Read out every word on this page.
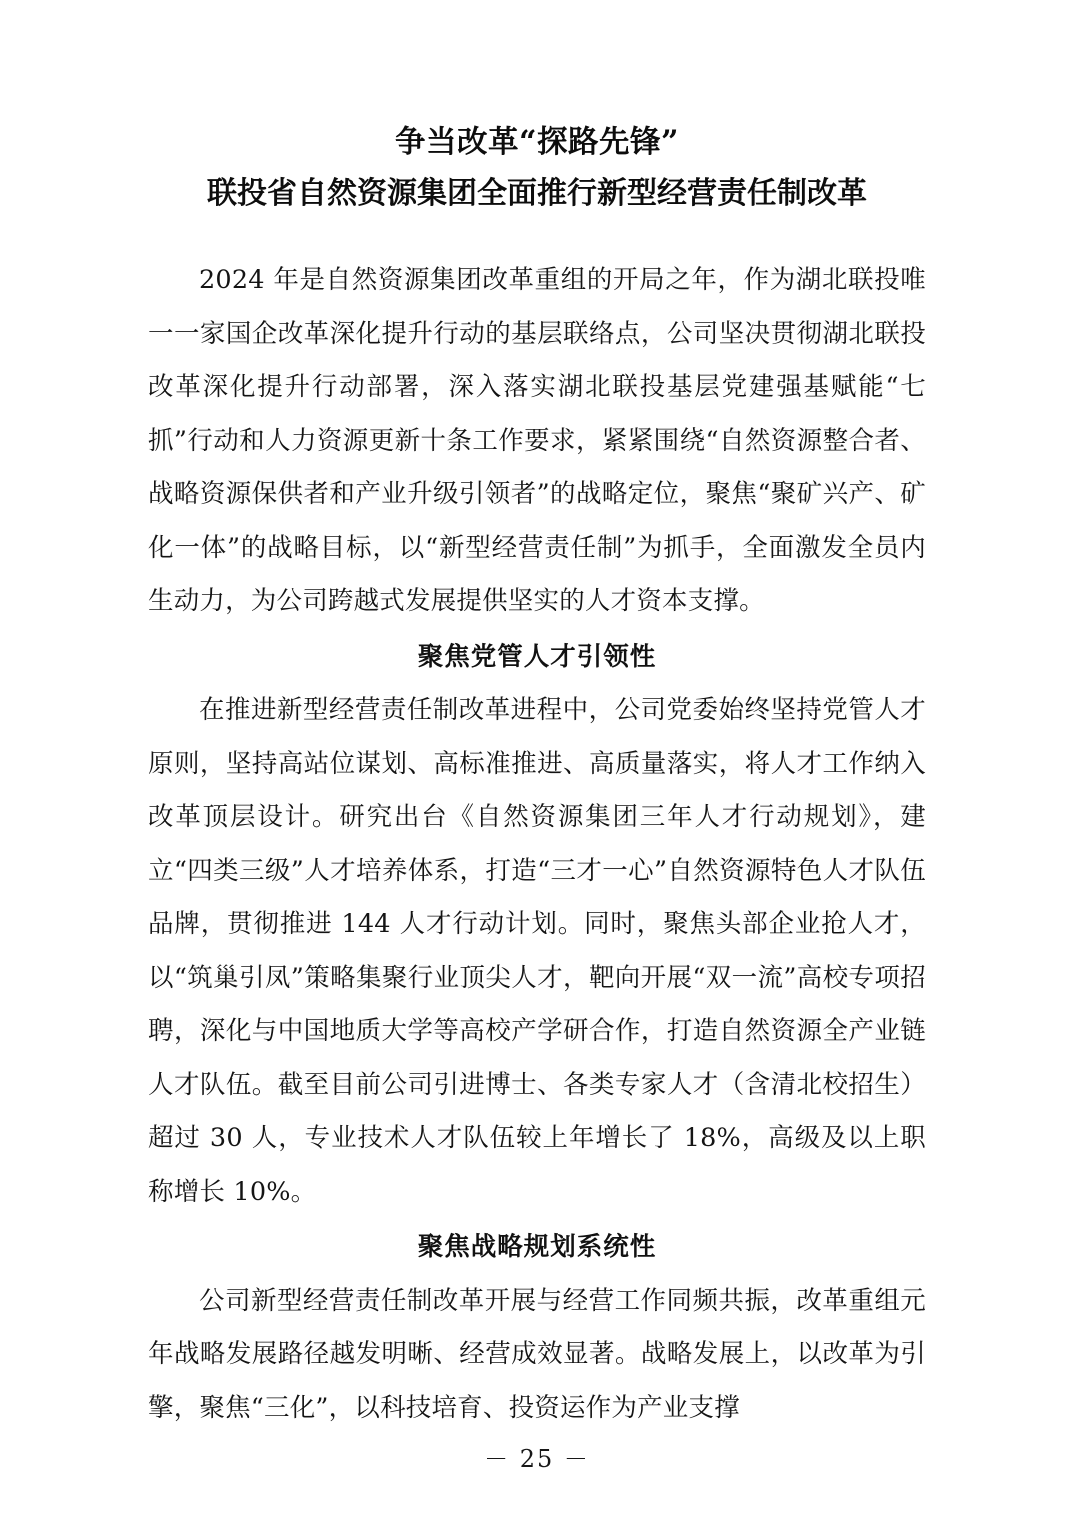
争当改革“探路先锋”
联投省自然资源集团全面推行新型经营责任制改革

2024 年是自然资源集团改革重组的开局之年，作为湖北联投唯一一家国企改革深化提升行动的基层联络点，公司坚决贯彻湖北联投改革深化提升行动部署，深入落实湖北联投基层党建强基赋能“七抓”行动和人力资源更新十条工作要求，紧紧围绕“自然资源整合者、战略资源保供者和产业升级引领者”的战略定位，聚焦“聚矿兴产、矿化一体”的战略目标，以“新型经营责任制”为抓手，全面激发全员内生动力，为公司跨越式发展提供坚实的人才资本支撑。

聚焦党管人才引领性

在推进新型经营责任制改革进程中，公司党委始终坚持党管人才原则，坚持高站位谋划、高标准推进、高质量落实，将人才工作纳入改革顶层设计。研究出台《自然资源集团三年人才行动规划》，建立“四类三级”人才培养体系，打造“三才一心”自然资源特色人才队伍品牌，贯彻推进 144 人才行动计划。同时，聚焦头部企业抢人才，以“筑巢引凤”策略集聚行业顶尖人才，靶向开展“双一流”高校专项招聘，深化与中国地质大学等高校产学研合作，打造自然资源全产业链人才队伍。截至目前公司引进博士、各类专家人才（含清北校招生）超过 30 人，专业技术人才队伍较上年增长了 18%，高级及以上职称增长 10%。

聚焦战略规划系统性

公司新型经营责任制改革开展与经营工作同频共振，改革重组元年战略发展路径越发明晰、经营成效显著。战略发展上，以改革为引擎，聚焦“三化”，以科技培育、投资运作为产业支撑

－ 25 －
